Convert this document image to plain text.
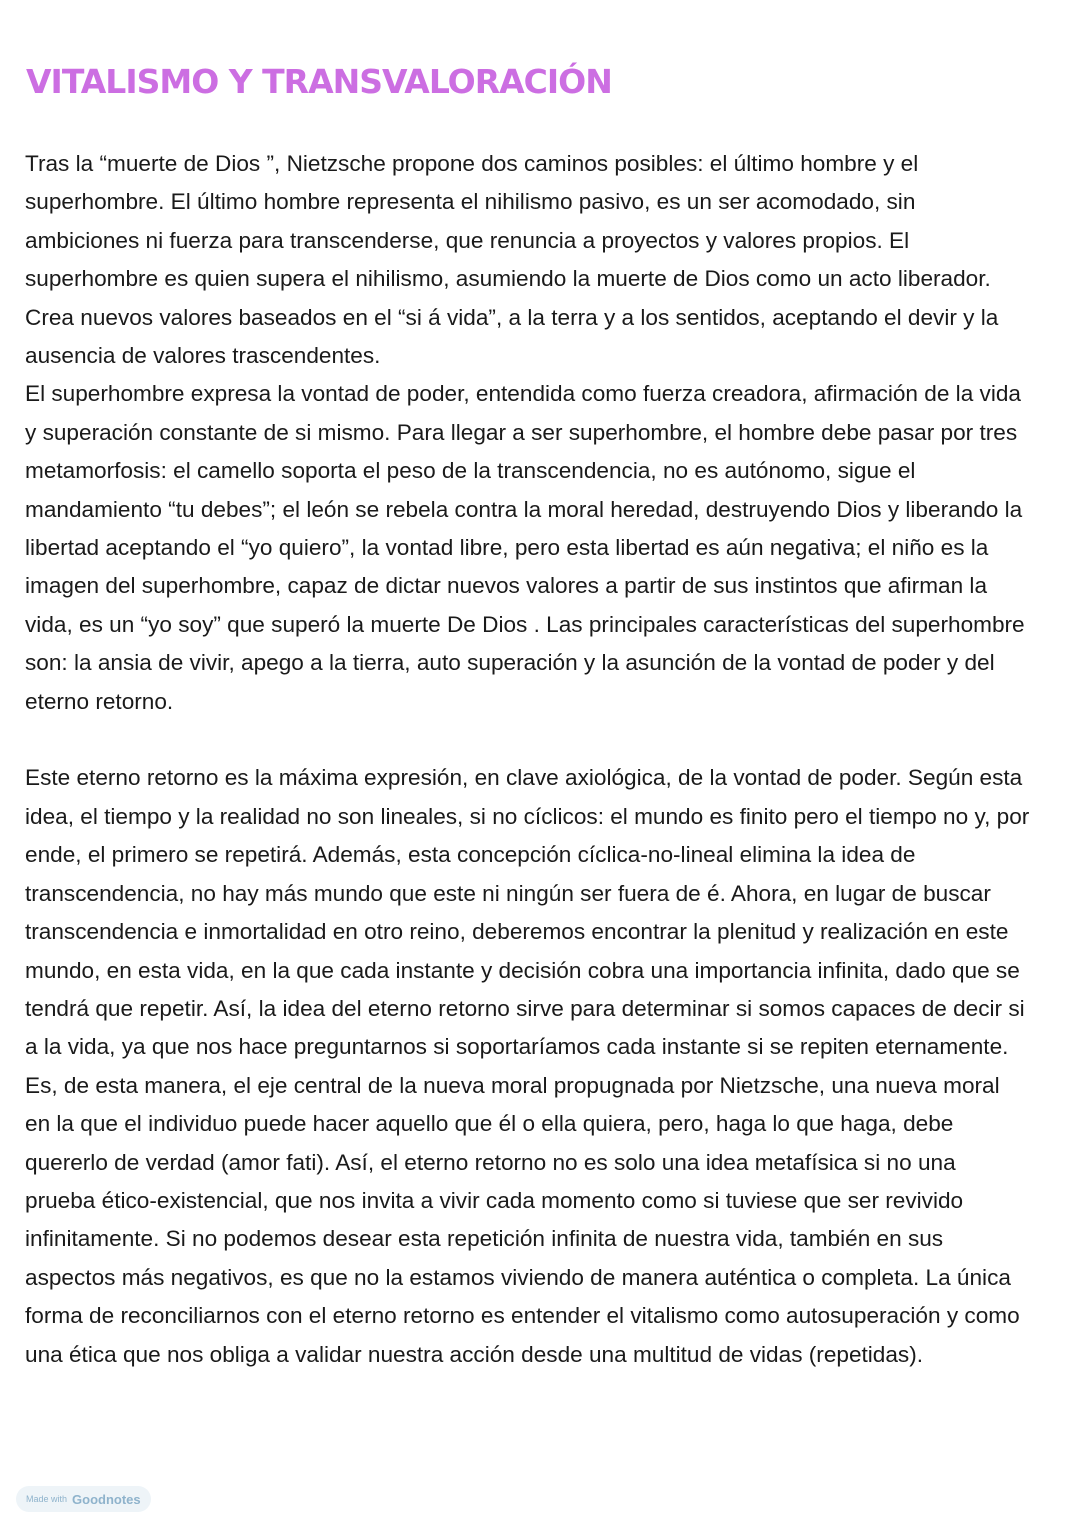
VITALISMO Y TRANSVALORACIÓN

Tras la “muerte de Dios ”, Nietzsche propone dos caminos posibles: el último hombre y el superhombre. El último hombre representa el nihilismo pasivo, es un ser acomodado, sin ambiciones ni fuerza para transcenderse, que renuncia a proyectos y valores propios. El superhombre es quien supera el nihilismo, asumiendo la muerte de Dios como un acto liberador. Crea nuevos valores baseados en el “si á vida”, a la terra y a los sentidos, aceptando el devir y la ausencia de valores trascendentes.

El superhombre expresa la vontad de poder, entendida como fuerza creadora, afirmación de la vida y superación constante de si mismo. Para llegar a ser superhombre, el hombre debe pasar por tres metamorfosis: el camello soporta el peso de la transcendencia, no es autónomo, sigue el mandamiento “tu debes”; el león se rebela contra la moral heredad, destruyendo Dios y liberando la libertad aceptando el “yo quiero”, la vontad libre, pero esta libertad es aún negativa; el niño es la imagen del superhombre, capaz de dictar nuevos valores a partir de sus instintos que afirman la vida, es un “yo soy” que superó la muerte De Dios . Las principales características del superhombre son: la ansia de vivir, apego a la tierra, auto superación y la asunción de la vontad de poder y del eterno retorno.

Este eterno retorno es la máxima expresión, en clave axiológica, de la vontad de poder. Según esta idea, el tiempo y la realidad no son lineales, si no cíclicos: el mundo es finito pero el tiempo no y, por ende, el primero se repetirá. Además, esta concepción cíclica-no-lineal elimina la idea de transcendencia, no hay más mundo que este ni ningún ser fuera de é. Ahora, en lugar de buscar transcendencia e inmortalidad en otro reino, deberemos encontrar la plenitud y realización en este mundo, en esta vida, en la que cada instante y decisión cobra una importancia infinita, dado que se tendrá que repetir. Así, la idea del eterno retorno sirve para determinar si somos capaces de decir si a la vida, ya que nos hace preguntarnos si soportaríamos cada instante si se repiten eternamente. Es, de esta manera, el eje central de la nueva moral propugnada por Nietzsche, una nueva moral en la que el individuo puede hacer aquello que él o ella quiera, pero, haga lo que haga, debe quererlo de verdad (amor fati). Así, el eterno retorno no es solo una idea metafísica si no una prueba ético-existencial, que nos invita a vivir cada momento como si tuviese que ser revivido infinitamente. Si no podemos desear esta repetición infinita de nuestra vida, también en sus aspectos más negativos, es que no la estamos viviendo de manera auténtica o completa. La única forma de reconciliarnos con el eterno retorno es entender el vitalismo como autosuperación y como una ética que nos obliga a validar nuestra acción desde una multitud de vidas (repetidas).

Made with Goodnotes
